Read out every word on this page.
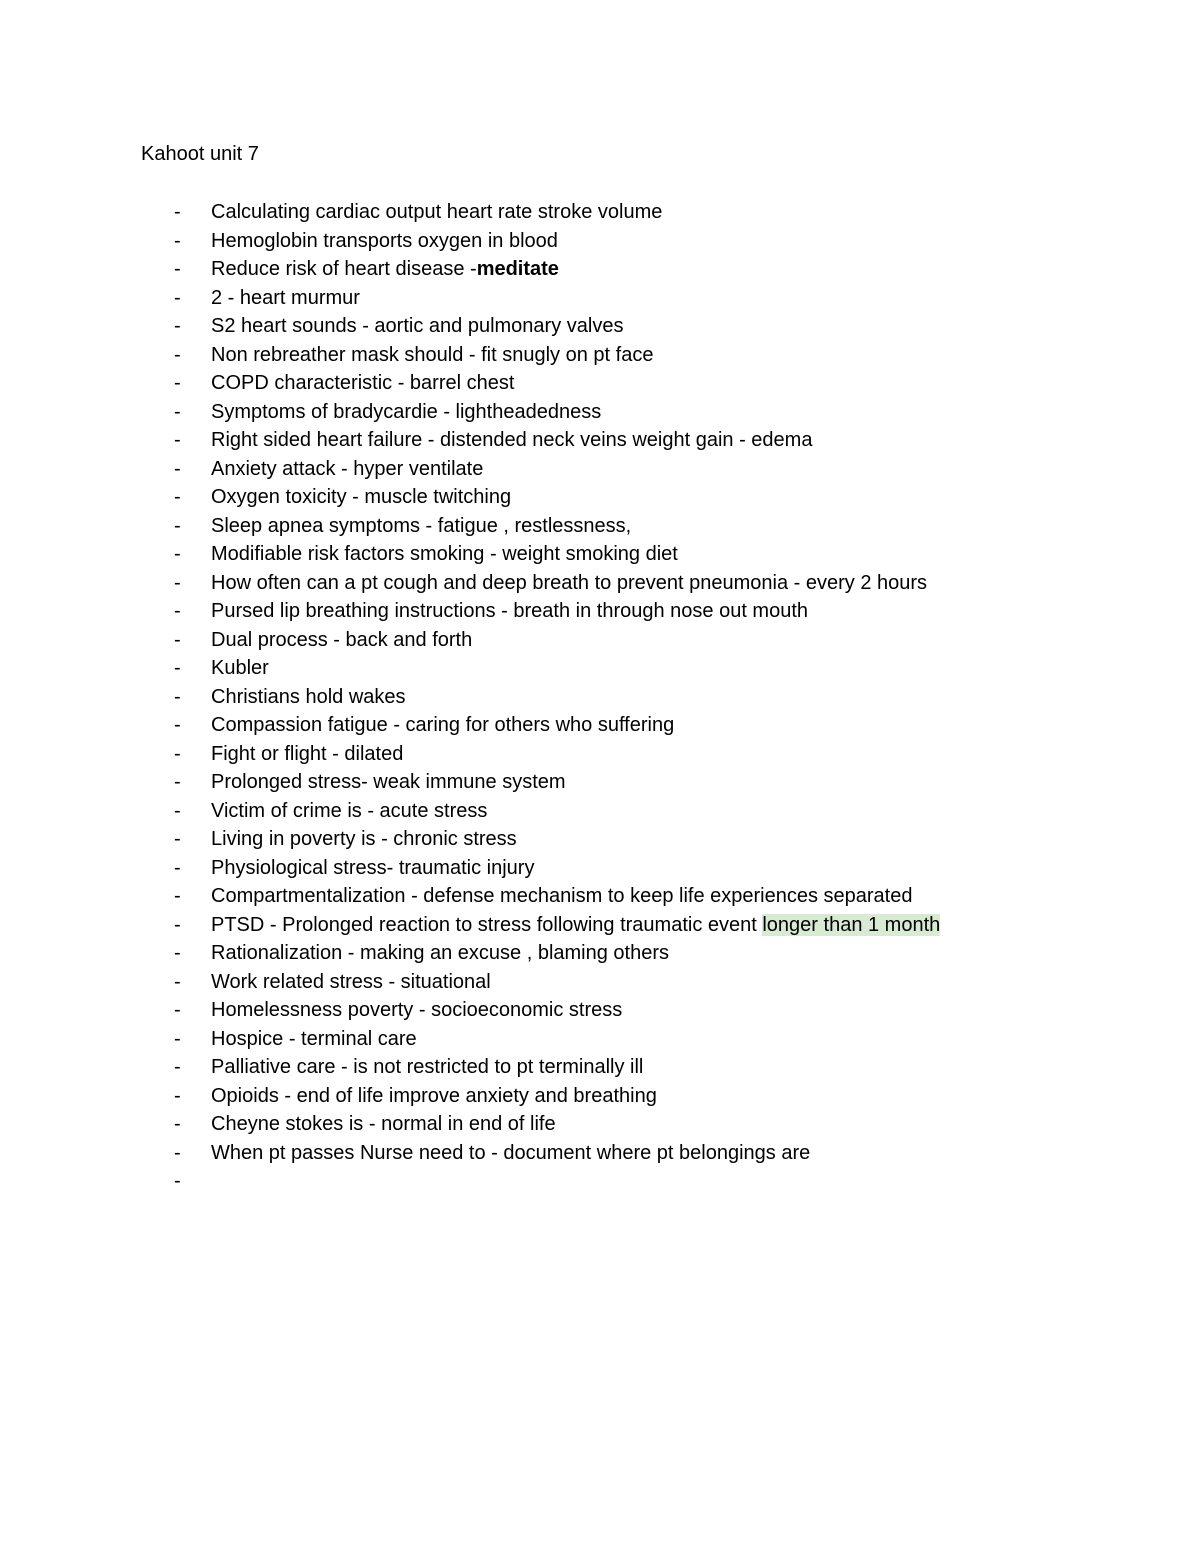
Kahoot unit 7
- Calculating cardiac output heart rate stroke volume
- Hemoglobin transports oxygen in blood
- Reduce risk of heart disease -meditate
- 2 - heart murmur
- S2 heart sounds - aortic and pulmonary valves
- Non rebreather mask should - fit snugly on pt face
- COPD characteristic - barrel chest
- Symptoms of bradycardie - lightheadedness
- Right sided heart failure - distended neck veins weight gain - edema
- Anxiety attack - hyper ventilate
- Oxygen toxicity - muscle twitching
- Sleep apnea symptoms - fatigue , restlessness,
- Modifiable risk factors smoking - weight smoking diet
- How often can a pt cough and deep breath to prevent pneumonia - every 2 hours
- Pursed lip breathing instructions - breath in through nose out mouth
- Dual process - back and forth
- Kubler
- Christians hold wakes
- Compassion fatigue - caring for others who suffering
- Fight or flight - dilated
- Prolonged stress- weak immune system
- Victim of crime is - acute stress
- Living in poverty is - chronic stress
- Physiological stress- traumatic injury
- Compartmentalization - defense mechanism to keep life experiences separated
- PTSD - Prolonged reaction to stress following traumatic event longer than 1 month
- Rationalization - making an excuse , blaming others
- Work related stress - situational
- Homelessness poverty - socioeconomic stress
- Hospice - terminal care
- Palliative care - is not restricted to pt terminally ill
- Opioids - end of life improve anxiety and breathing
- Cheyne stokes is - normal in end of life
- When pt passes Nurse need to - document where pt belongings are
-
